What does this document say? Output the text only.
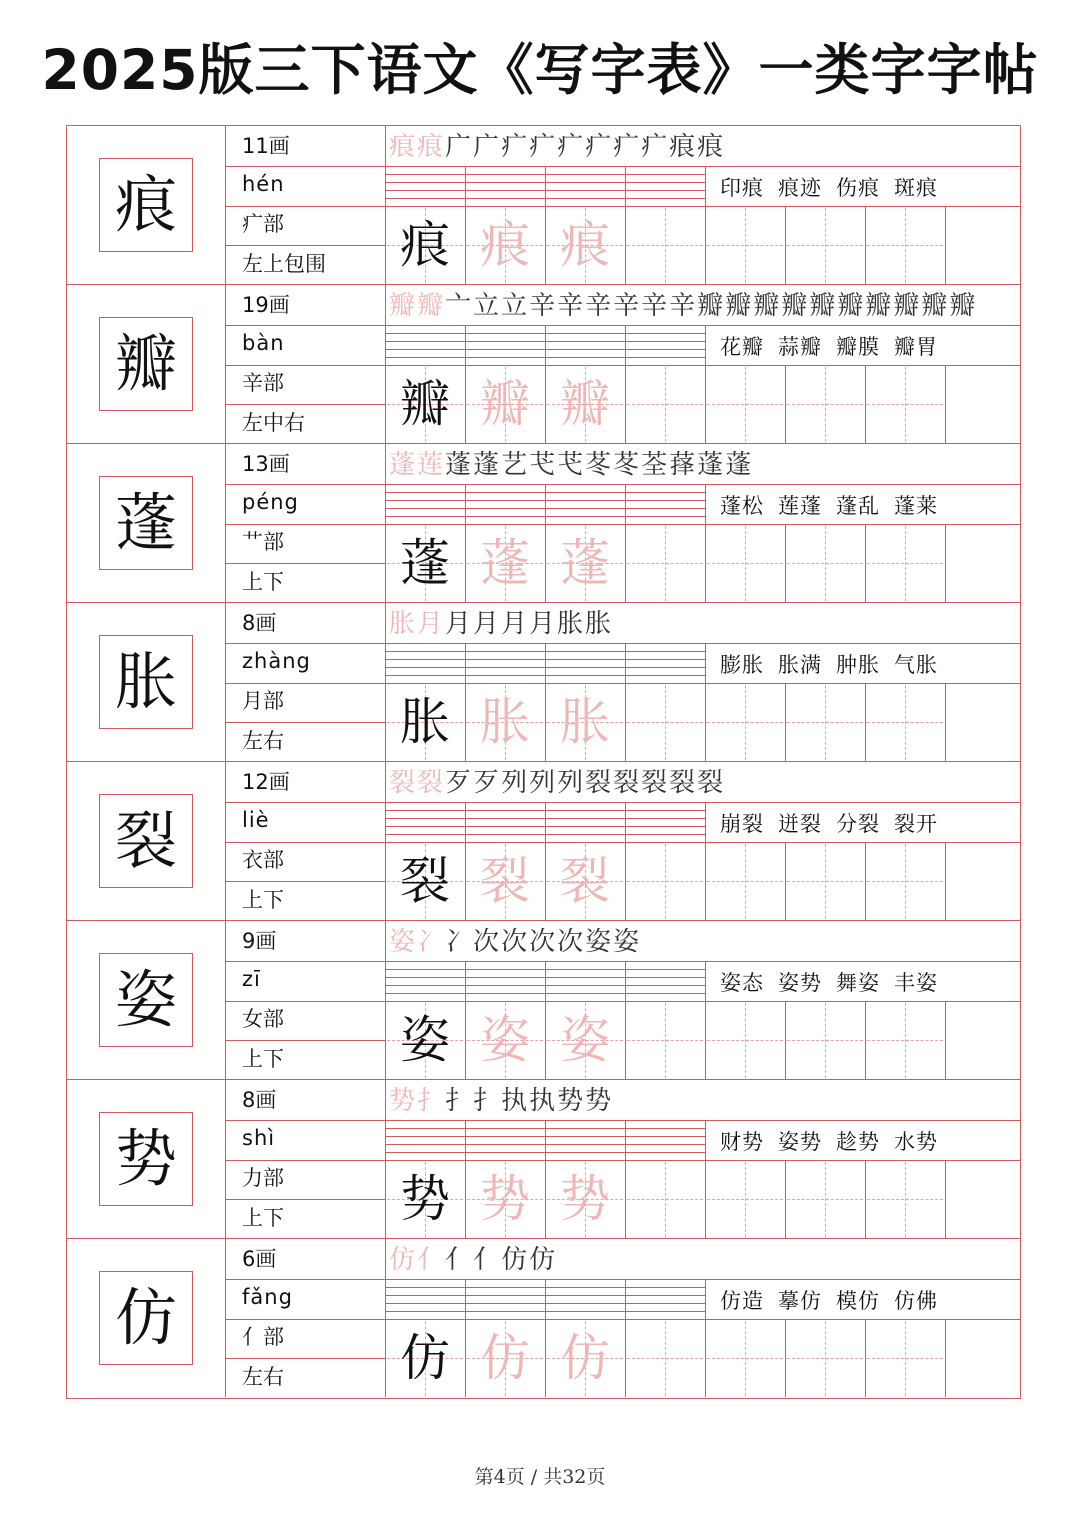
2025版三下语文《写字表》一类字字帖
痕
11画
hén
疒部
左上包围
痕痕广广疒疒疒疒疒疒痕痕
印痕 痕迹 伤痕 斑痕
痕 痕 痕
瓣
19画
bàn
辛部
左中右
瓣瓣亠立立辛辛辛辛辛辛瓣瓣瓣瓣瓣瓣瓣瓣瓣瓣
花瓣 蒜瓣 瓣膜 瓣胃
瓣 瓣 瓣
蓬
13画
péng
艹部
上下
蓬莲蓬蓬艺芅芅苳苳荃萚蓬蓬
蓬松 莲蓬 蓬乱 蓬莱
蓬 蓬 蓬
胀
8画
zhàng
月部
左右
胀月月月月月胀胀
膨胀 胀满 肿胀 气胀
胀 胀 胀
裂
12画
liè
衣部
上下
裂裂歹歹列列列裂裂裂裂裂
崩裂 迸裂 分裂 裂开
裂 裂 裂
姿
9画
zī
女部
上下
姿冫冫次次次次姿姿
姿态 姿势 舞姿 丰姿
姿 姿 姿
势
8画
shì
力部
上下
势扌扌扌执执势势
财势 姿势 趁势 水势
势 势 势
仿
6画
fǎng
亻部
左右
仿亻亻亻仿仿
仿造 摹仿 模仿 仿佛
仿 仿 仿
第4页 / 共32页
